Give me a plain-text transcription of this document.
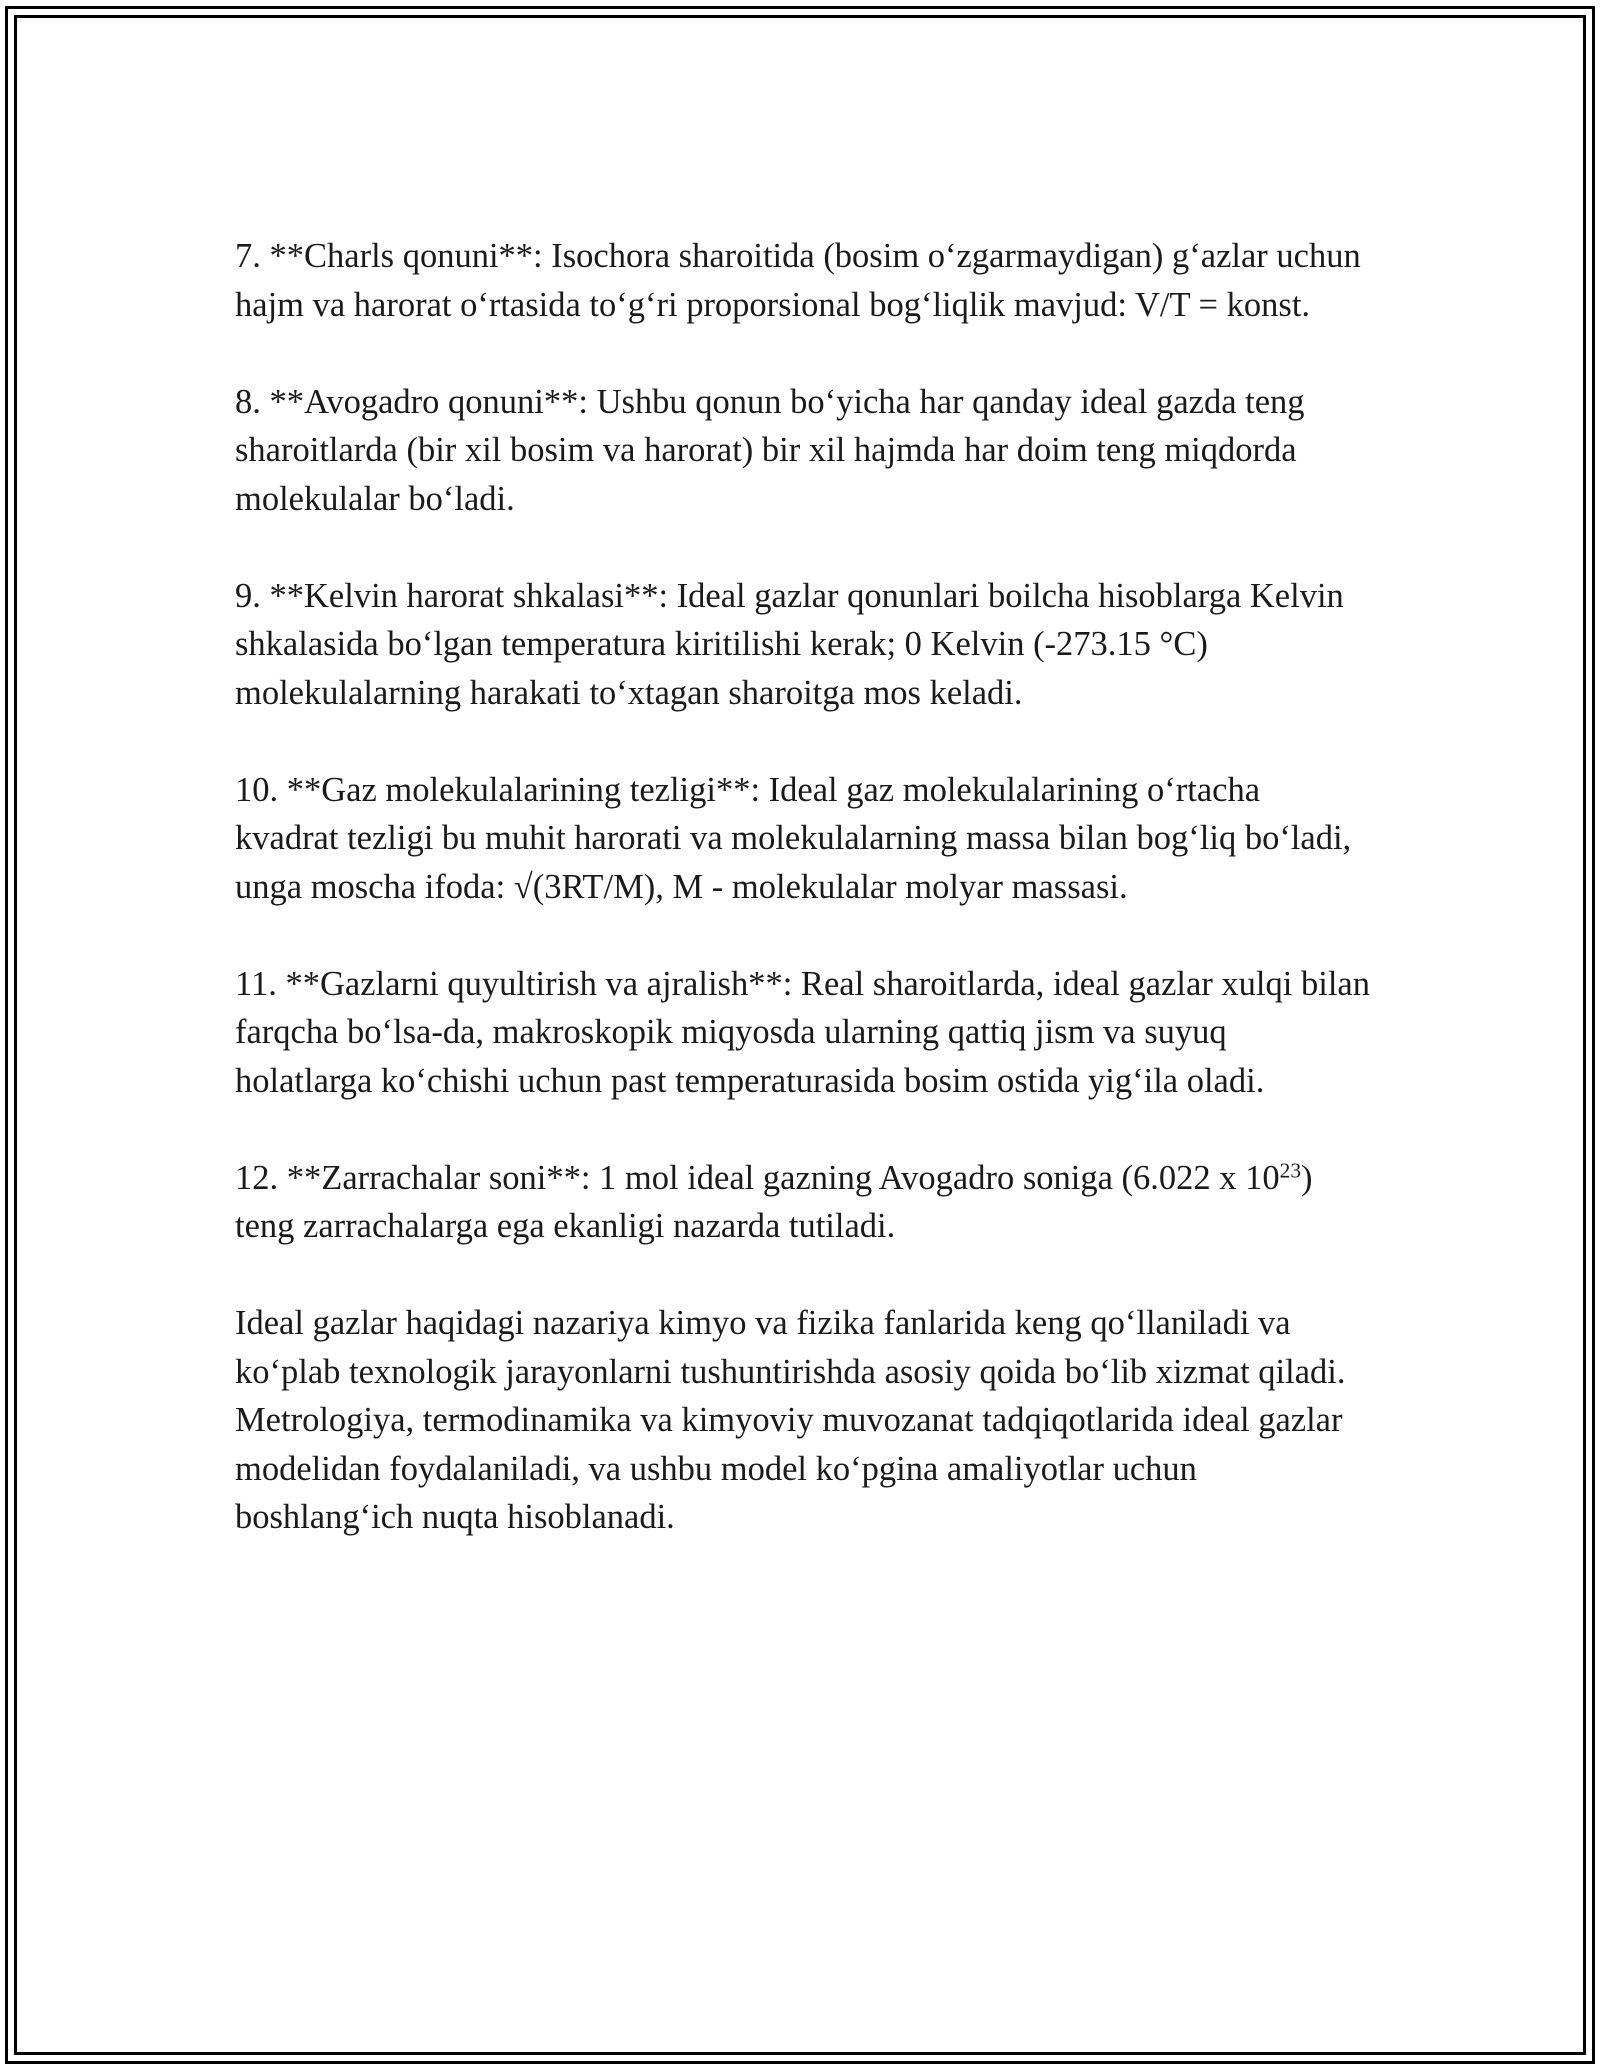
7. **Charls qonuni**: Isochora sharoitida (bosim o‘zgarmaydigan) g‘azlar uchun hajm va harorat o‘rtasida to‘g‘ri proporsional bog‘liqlik mavjud: V/T = konst.

8. **Avogadro qonuni**: Ushbu qonun bo‘yicha har qanday ideal gazda teng sharoitlarda (bir xil bosim va harorat) bir xil hajmda har doim teng miqdorda molekulalar bo‘ladi.

9. **Kelvin harorat shkalasi**: Ideal gazlar qonunlari boilcha hisoblarga Kelvin shkalasida bo‘lgan temperatura kiritilishi kerak; 0 Kelvin (-273.15 °C) molekulalarning harakati to‘xtagan sharoitga mos keladi.

10. **Gaz molekulalarining tezligi**: Ideal gaz molekulalarining o‘rtacha kvadrat tezligi bu muhit harorati va molekulalarning massa bilan bog‘liq bo‘ladi, unga moscha ifoda: √(3RT/M), M - molekulalar molyar massasi.

11. **Gazlarni quyultirish va ajralish**: Real sharoitlarda, ideal gazlar xulqi bilan farqcha bo‘lsa-da, makroskopik miqyosda ularning qattiq jism va suyuq holatlarga ko‘chishi uchun past temperaturasida bosim ostida yig‘ila oladi.

12. **Zarrachalar soni**: 1 mol ideal gazning Avogadro soniga (6.022 x $10^{23}$) teng zarrachalarga ega ekanligi nazarda tutiladi.

Ideal gazlar haqidagi nazariya kimyo va fizika fanlarida keng qo‘llaniladi va ko‘plab texnologik jarayonlarni tushuntirishda asosiy qoida bo‘lib xizmat qiladi. Metrologiya, termodinamika va kimyoviy muvozanat tadqiqotlarida ideal gazlar modelidan foydalaniladi, va ushbu model ko‘pgina amaliyotlar uchun boshlang‘ich nuqta hisoblanadi.
